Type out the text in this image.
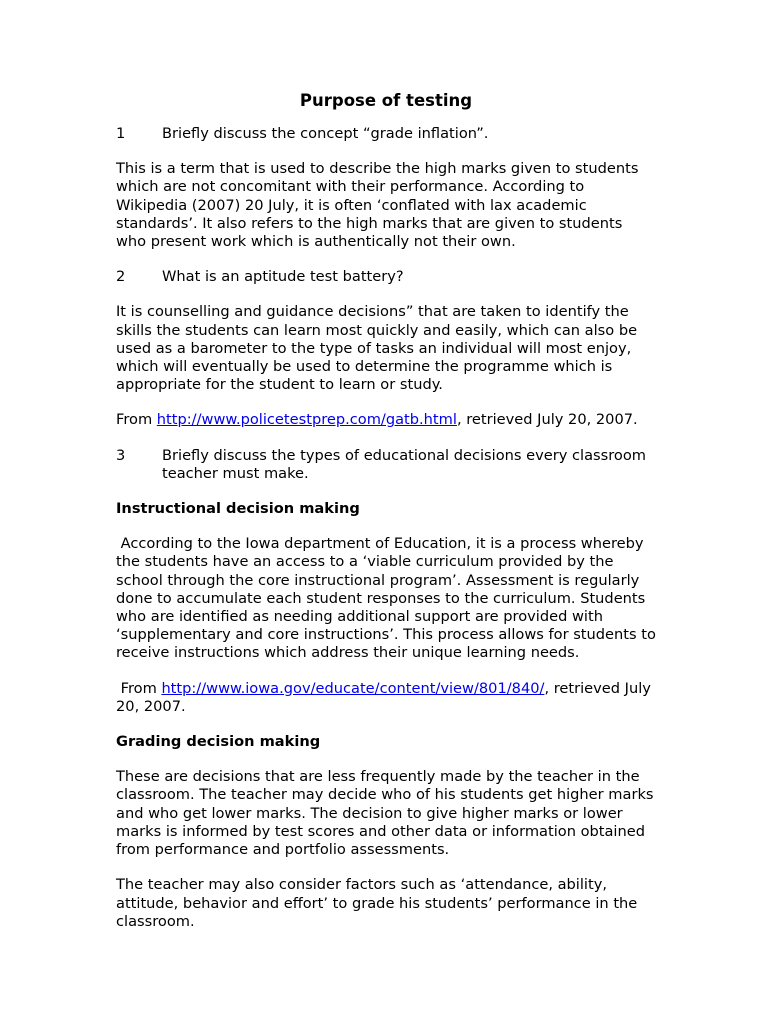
Purpose of testing
1	Briefly discuss the concept “grade inflation”.
This is a term that is used to describe the high marks given to students which are not concomitant with their performance. According to Wikipedia (2007) 20 July, it is often ‘conflated with lax academic standards’. It also refers to the high marks that are given to students who present work which is authentically not their own.
2	What is an aptitude test battery?
It is counselling and guidance decisions” that are taken to identify the skills the students can learn most quickly and easily, which can also be used as a barometer to the type of tasks an individual will most enjoy, which will eventually be used to determine the programme which is appropriate for the student to learn or study.
From http://www.policetestprep.com/gatb.html, retrieved July 20, 2007.
3	Briefly discuss the types of educational decisions every classroom teacher must make.
Instructional decision making
According to the Iowa department of Education, it is a process whereby the students have an access to a ‘viable curriculum provided by the school through the core instructional program’. Assessment is regularly done to accumulate each student responses to the curriculum. Students who are identified as needing additional support are provided with ‘supplementary and core instructions’. This process allows for students to receive instructions which address their unique learning needs.
From http://www.iowa.gov/educate/content/view/801/840/, retrieved July 20, 2007.
Grading decision making
These are decisions that are less frequently made by the teacher in the classroom. The teacher may decide who of his students get higher marks and who get lower marks. The decision to give higher marks or lower marks is informed by test scores and other data or information obtained from performance and portfolio assessments.
The teacher may also consider factors such as ‘attendance, ability, attitude, behavior and effort’ to grade his students’ performance in the classroom.
